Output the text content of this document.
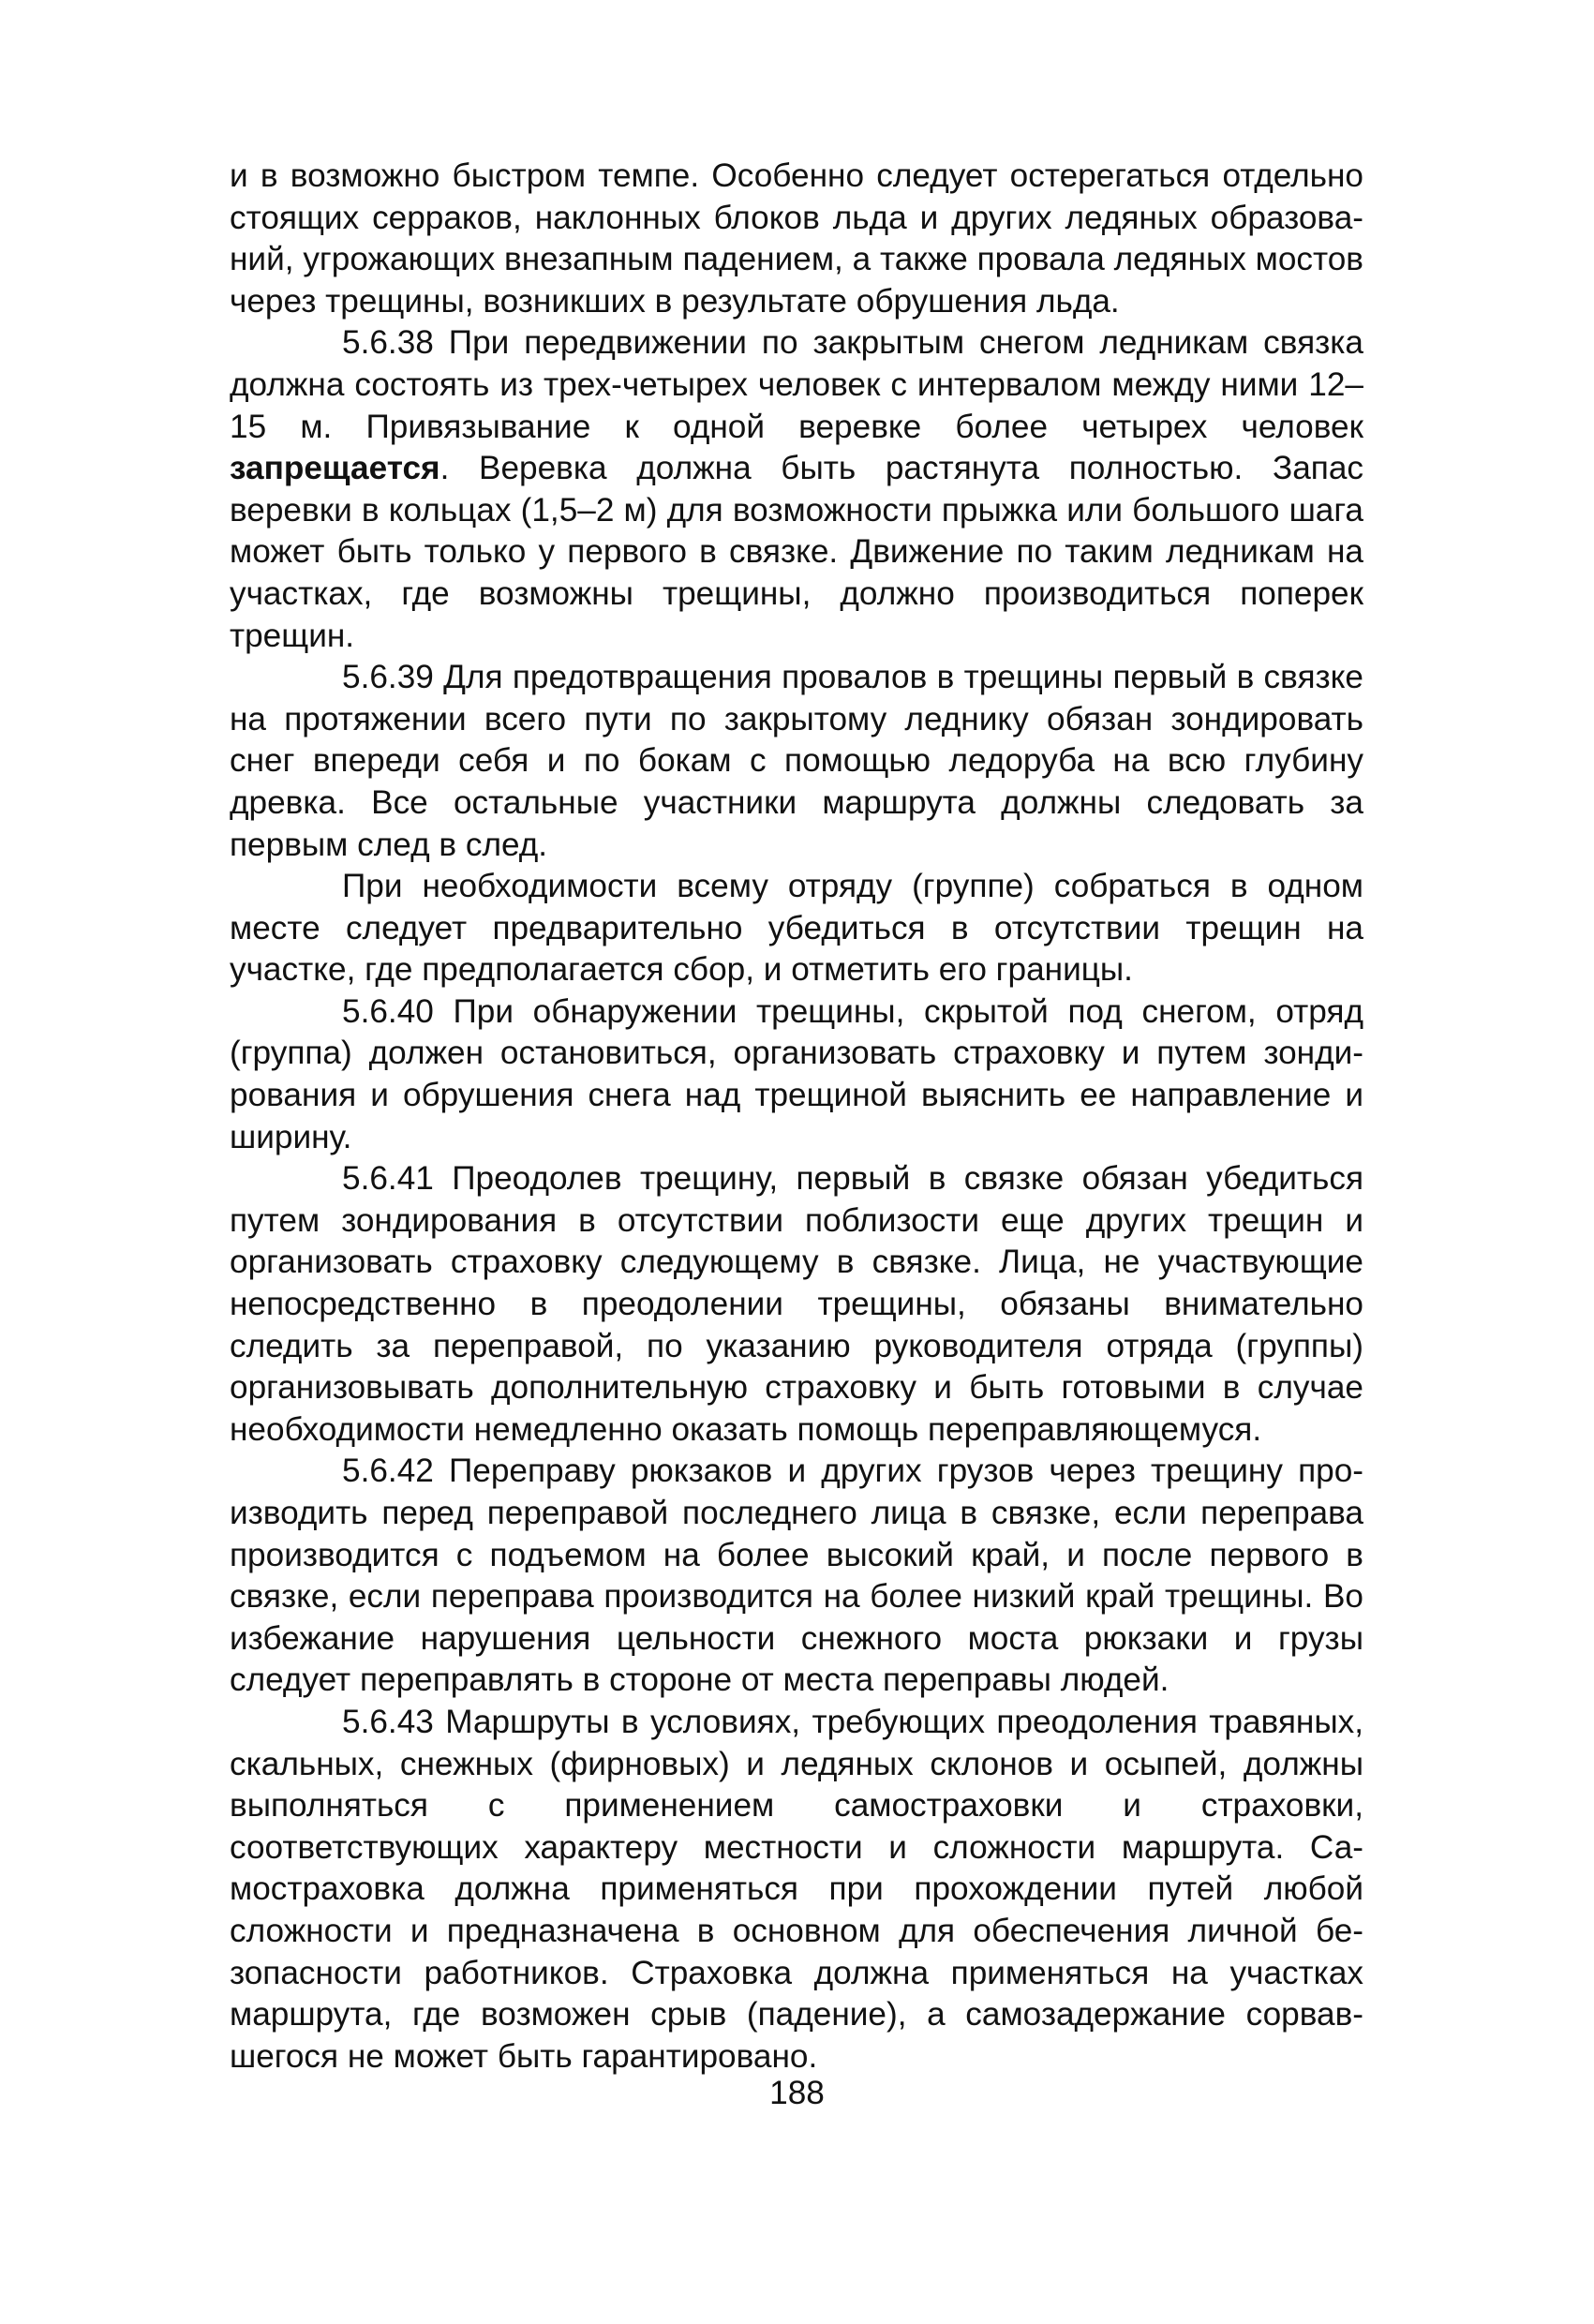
и в возможно быстром темпе. Особенно следует остерегаться отдельно стоящих серраков, наклонных блоков льда и других ледяных образований, угрожающих внезапным падением, а также провала ледяных мостов через трещины, возникших в результате обрушения льда.

5.6.38 При передвижении по закрытым снегом ледникам связка должна состоять из трех-четырех человек с интервалом между ними 12–15 м. Привязывание к одной веревке более четырех человек запрещается. Веревка должна быть растянута полностью. Запас веревки в кольцах (1,5–2 м) для возможности прыжка или большого шага может быть только у первого в связке. Движение по таким ледникам на участках, где возможны трещины, должно производиться поперек трещин.

5.6.39 Для предотвращения провалов в трещины первый в связке на протяжении всего пути по закрытому леднику обязан зондировать снег впереди себя и по бокам с помощью ледоруба на всю глубину древка. Все остальные участники маршрута должны следовать за первым след в след.

При необходимости всему отряду (группе) собраться в одном месте следует предварительно убедиться в отсутствии трещин на участке, где предполагается сбор, и отметить его границы.

5.6.40 При обнаружении трещины, скрытой под снегом, отряд (группа) должен остановиться, организовать страховку и путем зондирования и обрушения снега над трещиной выяснить ее направление и ширину.

5.6.41 Преодолев трещину, первый в связке обязан убедиться путем зондирования в отсутствии поблизости еще других трещин и организовать страховку следующему в связке. Лица, не участвующие непосредственно в преодолении трещины, обязаны внимательно следить за переправой, по указанию руководителя отряда (группы) организовывать дополнительную страховку и быть готовыми в случае необходимости немедленно оказать помощь переправляющемуся.

5.6.42 Переправу рюкзаков и других грузов через трещину производить перед переправой последнего лица в связке, если переправа производится с подъемом на более высокий край, и после первого в связке, если переправа производится на более низкий край трещины. Во избежание нарушения цельности снежного моста рюкзаки и грузы следует переправлять в стороне от места переправы людей.

5.6.43 Маршруты в условиях, требующих преодоления травяных, скальных, снежных (фирновых) и ледяных склонов и осыпей, должны выполняться с применением самостраховки и страховки, соответствующих характеру местности и сложности маршрута. Самостраховка должна применяться при прохождении путей любой сложности и предназначена в основном для обеспечения личной безопасности работников. Страховка должна применяться на участках маршрута, где возможен срыв (падение), а самозадержание сорвавшегося не может быть гарантировано.

188
